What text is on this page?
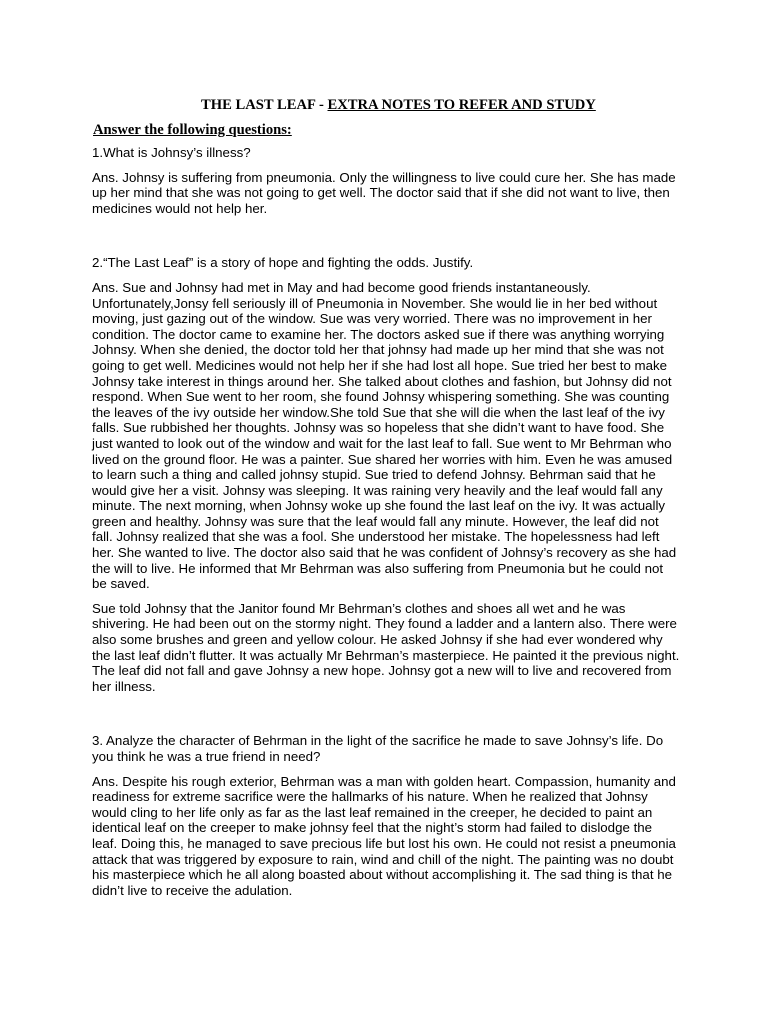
THE LAST LEAF - EXTRA NOTES TO REFER AND STUDY
Answer the following questions:

1.What is Johnsy’s illness?

Ans. Johnsy is suffering from pneumonia. Only the willingness to live could cure her. She has made up her mind that she was not going to get well. The doctor said that if she did not want to live, then medicines would not help her.

2.“The Last Leaf” is a story of hope and fighting the odds. Justify.

Ans. Sue and Johnsy had met in May and had become good friends instantaneously. Unfortunately,Jonsy fell seriously ill of Pneumonia in November. She would lie in her bed without moving, just gazing out of the window. Sue was very worried. There was no improvement in her condition. The doctor came to examine her. The doctors asked sue if there was anything worrying Johnsy. When she denied, the doctor told her that johnsy had made up her mind that she was not going to get well. Medicines would not help her if she had lost all hope. Sue tried her best to make Johnsy take interest in things around her. She talked about clothes and fashion, but Johnsy did not respond. When Sue went to her room, she found Johnsy whispering something. She was counting the leaves of the ivy outside her window.She told Sue that she will die when the last leaf of the ivy falls. Sue rubbished her thoughts. Johnsy was so hopeless that she didn’t want to have food. She just wanted to look out of the window and wait for the last leaf to fall. Sue went to Mr Behrman who lived on the ground floor. He was a painter. Sue shared her worries with him. Even he was amused to learn such a thing and called johnsy stupid. Sue tried to defend Johnsy. Behrman said that he would give her a visit. Johnsy was sleeping. It was raining very heavily and the leaf would fall any minute. The next morning, when Johnsy woke up she found the last leaf on the ivy. It was actually green and healthy. Johnsy was sure that the leaf would fall any minute. However, the leaf did not fall. Johnsy realized that she was a fool. She understood her mistake. The hopelessness had left her. She wanted to live. The doctor also said that he was confident of Johnsy’s recovery as she had the will to live. He informed that Mr Behrman was also suffering from Pneumonia but he could not be saved.

Sue told Johnsy that the Janitor found Mr Behrman’s clothes and shoes all wet and he was shivering. He had been out on the stormy night. They found a ladder and a lantern also. There were also some brushes and green and yellow colour. He asked Johnsy if she had ever wondered why the last leaf didn’t flutter. It was actually Mr Behrman’s masterpiece. He painted it the previous night. The leaf did not fall and gave Johnsy a new hope. Johnsy got a new will to live and recovered from her illness.

3. Analyze the character of Behrman in the light of the sacrifice he made to save Johnsy’s life. Do you think he was a true friend in need?

Ans. Despite his rough exterior, Behrman was a man with golden heart. Compassion, humanity and readiness for extreme sacrifice were the hallmarks of his nature. When he realized that Johnsy would cling to her life only as far as the last leaf remained in the creeper, he decided to paint an identical leaf on the creeper to make johnsy feel that the night’s storm had failed to dislodge the leaf. Doing this, he managed to save precious life but lost his own. He could not resist a pneumonia attack that was triggered by exposure to rain, wind and chill of the night. The painting was no doubt his masterpiece which he all along boasted about without accomplishing it. The sad thing is that he didn’t live to receive the adulation.
